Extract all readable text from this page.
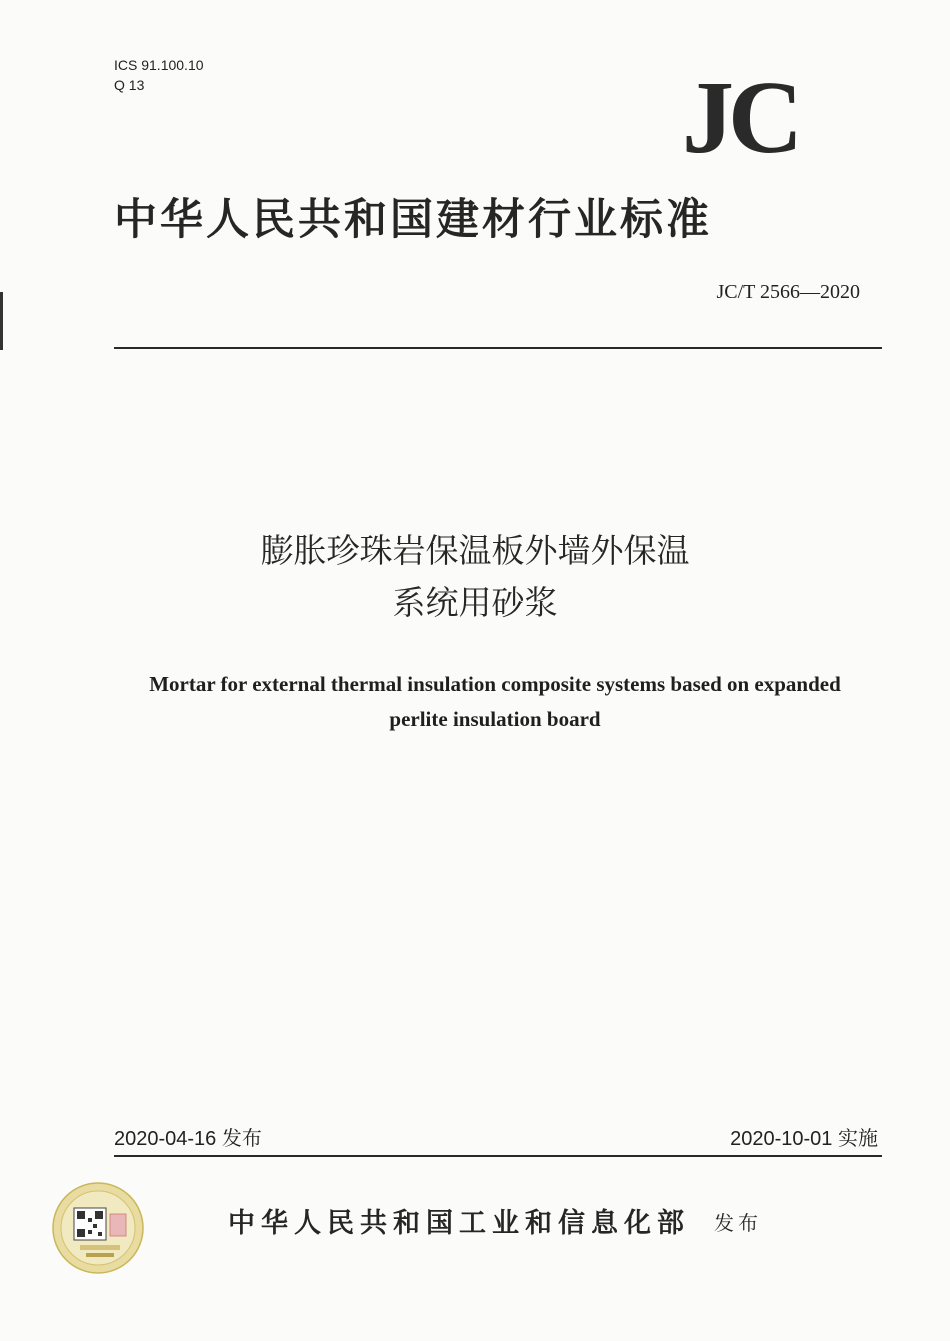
ICS 91.100.10
Q 13	JC
中华人民共和国建材行业标准
JC/T 2566—2020
膨胀珍珠岩保温板外墙外保温
系统用砂浆
Mortar for external thermal insulation composite systems based on expanded
perlite insulation board
2020-04-16 发布	2020-10-01 实施
中华人民共和国工业和信息化部 发布
